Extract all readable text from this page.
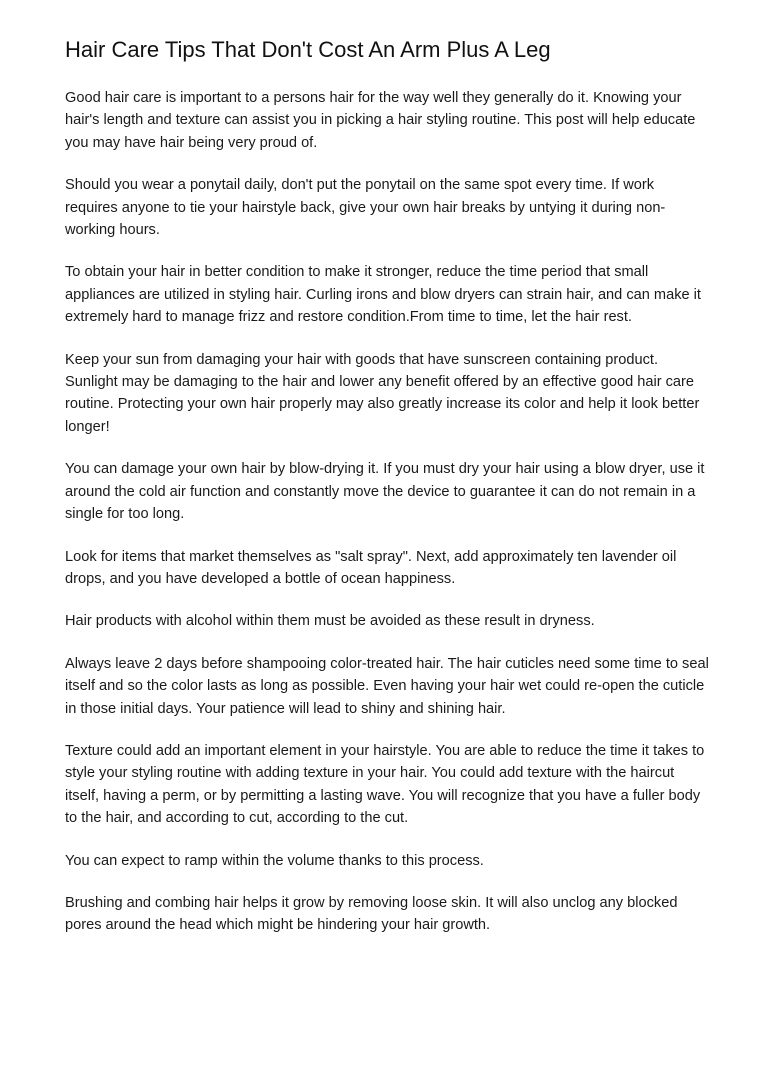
Hair Care Tips That Don't Cost An Arm Plus A Leg

Good hair care is important to a persons hair for the way well they generally do it. Knowing your hair's length and texture can assist you in picking a hair styling routine. This post will help educate you may have hair being very proud of.

Should you wear a ponytail daily, don't put the ponytail on the same spot every time. If work requires anyone to tie your hairstyle back, give your own hair breaks by untying it during non-working hours.

To obtain your hair in better condition to make it stronger, reduce the time period that small appliances are utilized in styling hair. Curling irons and blow dryers can strain hair, and can make it extremely hard to manage frizz and restore condition.From time to time, let the hair rest.

Keep your sun from damaging your hair with goods that have sunscreen containing product. Sunlight may be damaging to the hair and lower any benefit offered by an effective good hair care routine. Protecting your own hair properly may also greatly increase its color and help it look better longer!

You can damage your own hair by blow-drying it. If you must dry your hair using a blow dryer, use it around the cold air function and constantly move the device to guarantee it can do not remain in a single for too long.

Look for items that market themselves as "salt spray". Next, add approximately ten lavender oil drops, and you have developed a bottle of ocean happiness.

Hair products with alcohol within them must be avoided as these result in dryness.

Always leave 2 days before shampooing color-treated hair. The hair cuticles need some time to seal itself and so the color lasts as long as possible. Even having your hair wet could re-open the cuticle in those initial days. Your patience will lead to shiny and shining hair.

Texture could add an important element in your hairstyle. You are able to reduce the time it takes to style your styling routine with adding texture in your hair. You could add texture with the haircut itself, having a perm, or by permitting a lasting wave. You will recognize that you have a fuller body to the hair, and according to cut, according to the cut.

You can expect to ramp within the volume thanks to this process.

Brushing and combing hair helps it grow by removing loose skin. It will also unclog any blocked pores around the head which might be hindering your hair growth.
